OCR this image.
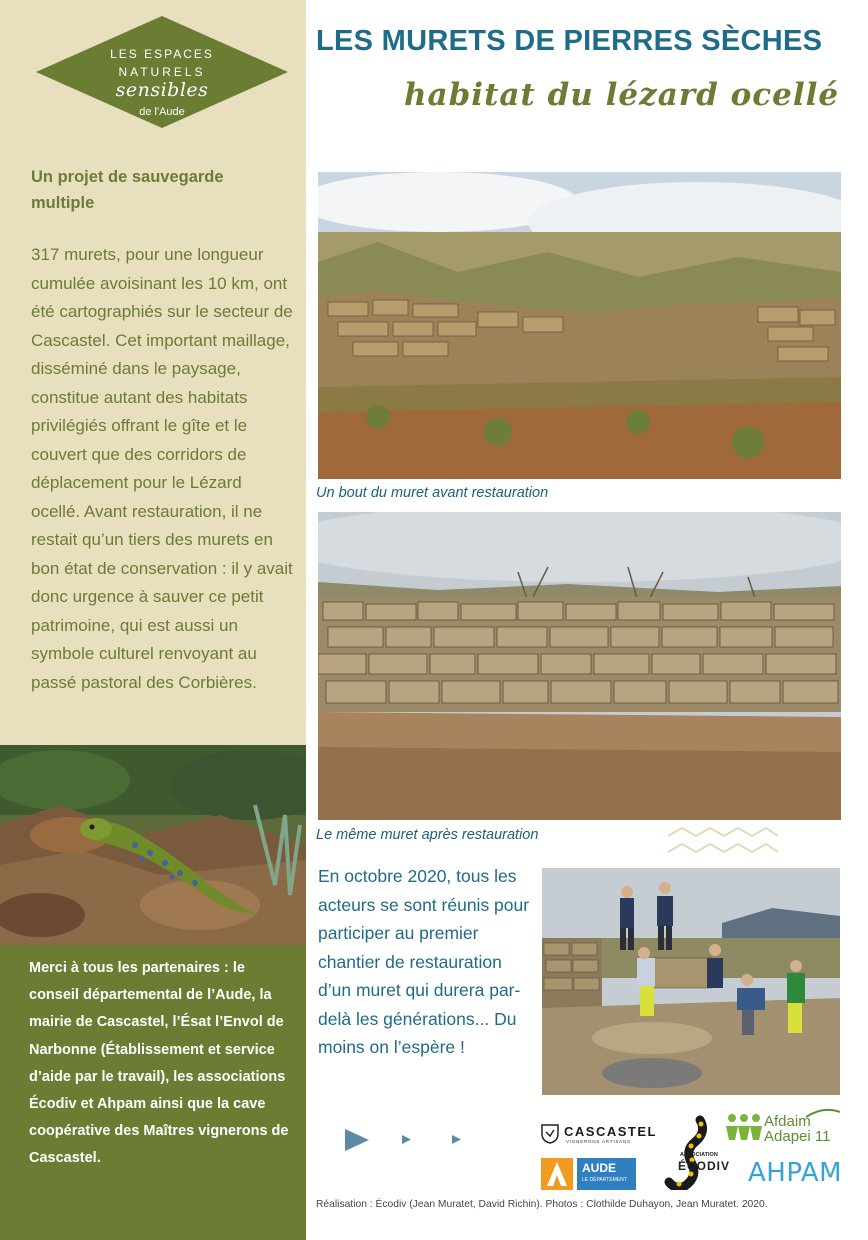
LES ESPACES
NATURELS
sensibles
de l'Aude
Un projet de sauvegarde multiple

317 murets, pour une longueur cumulée avoisinant les 10 km, ont été cartographiés sur le secteur de Cascastel. Cet important maillage, disséminé dans le paysage, constitue autant des habitats privilégiés offrant le gîte et le couvert que des corridors de déplacement pour le Lézard ocellé. Avant restauration, il ne restait qu’un tiers des murets en bon état de conservation : il y avait donc urgence à sauver ce petit patrimoine, qui est aussi un symbole culturel renvoyant au passé pastoral des Corbières.

Merci à tous les partenaires : le conseil départemental de l’Aude, la mairie de Cascastel, l’Ésat l’Envol de Narbonne (Établissement et service d’aide par le travail), les associations Écodiv et Ahpam ainsi que la cave coopérative des Maîtres vignerons de Cascastel.

LES MURETS DE PIERRES SÈCHES
habitat du lézard ocellé

Un bout du muret avant restauration

Le même muret après restauration

En octobre 2020, tous les acteurs se sont réunis pour participer au premier chantier de restauration d’un muret qui durera par-delà les générations... Du moins on l’espère !

CASCASTEL
VIGNERONS ARTISANS
Afdaim
Adapei 11
AUDE
LE DÉPARTEMENT
ASSOCIATION
ÉCODIV AHPAM

Réalisation : Écodiv (Jean Muratet, David Richin). Photos : Clothilde Duhayon, Jean Muratet. 2020.
